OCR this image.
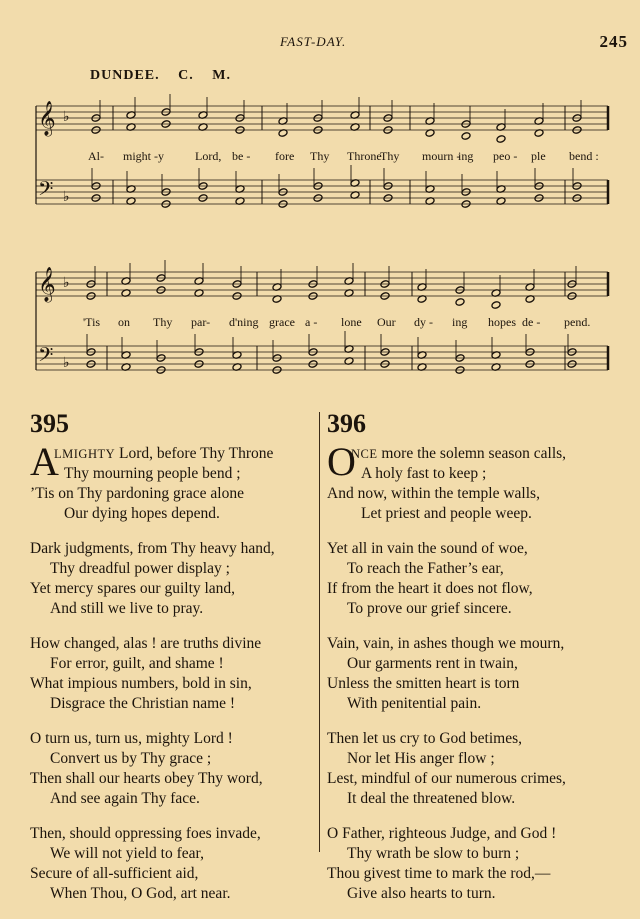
FAST-DAY.	245
DUNDEE. C. M.
𝄞
𝄢
♭
♭
Al- might - y	Lord, be - fore Thy Throne
Thy mourn -
ing peo - ple bend :
𝄞
𝄢
♭
♭
'Tis on Thy par- d'ning grace a - lone Our dy - ing hopes de - pend.
395
A
LMIGHTY Lord, before Thy Throne
Thy mourning people bend ;
’Tis on Thy pardoning grace alone
Our dying hopes depend.
Dark judgments, from Thy heavy hand,
Thy dreadful power display ;
Yet mercy spares our guilty land,
And still we live to pray.
How changed, alas ! are truths divine
For error, guilt, and shame !
What impious numbers, bold in sin,
Disgrace the Christian name !
O turn us, turn us, mighty Lord !
Convert us by Thy grace ;
Then shall our hearts obey Thy word,
And see again Thy face.
Then, should oppressing foes invade,
We will not yield to fear,
Secure of all-sufficient aid,
When Thou, O God, art near.
396
O
NCE more the solemn season calls,
A holy fast to keep ;
And now, within the temple walls,
Let priest and people weep.
Yet all in vain the sound of woe,
To reach the Father’s ear,
If from the heart it does not flow,
To prove our grief sincere.
Vain, vain, in ashes though we mourn,
Our garments rent in twain,
Unless the smitten heart is torn
With penitential pain.
Then let us cry to God betimes,
Nor let His anger flow ;
Lest, mindful of our numerous crimes,
It deal the threatened blow.
O Father, righteous Judge, and God !
Thy wrath be slow to burn ;
Thou givest time to mark the rod,—
Give also hearts to turn.
